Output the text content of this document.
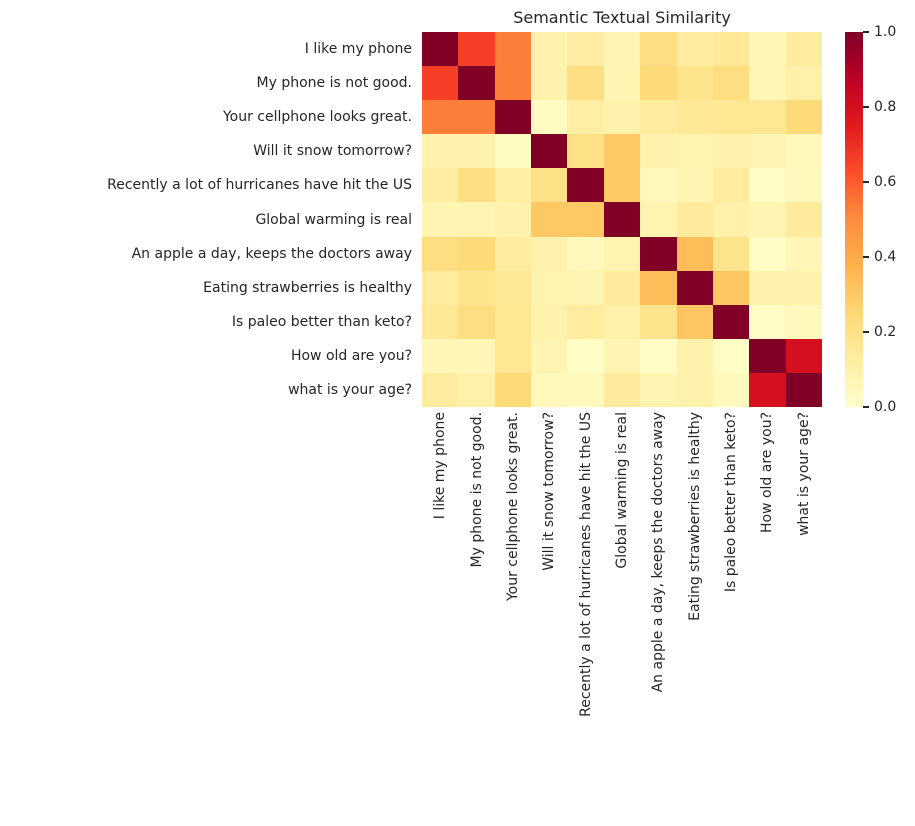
Semantic Textual Similarity
I like my phone
My phone is not good.
Your cellphone looks great.
Will it snow tomorrow?
Recently a lot of hurricanes have hit the US
Global warming is real
An apple a day, keeps the doctors away
Eating strawberries is healthy
Is paleo better than keto?
How old are you?
what is your age?
I like my phone	My phone is not good.	Your cellphone looks great.	Will it snow tomorrow?	Recently a lot of hurricanes have hit the US	Global warming is real	An apple a day, keeps the doctors away	Eating strawberries is healthy	Is paleo better than keto?	How old are you?	what is your age?
1.0
0.8
0.6
0.4
0.2
0.0
